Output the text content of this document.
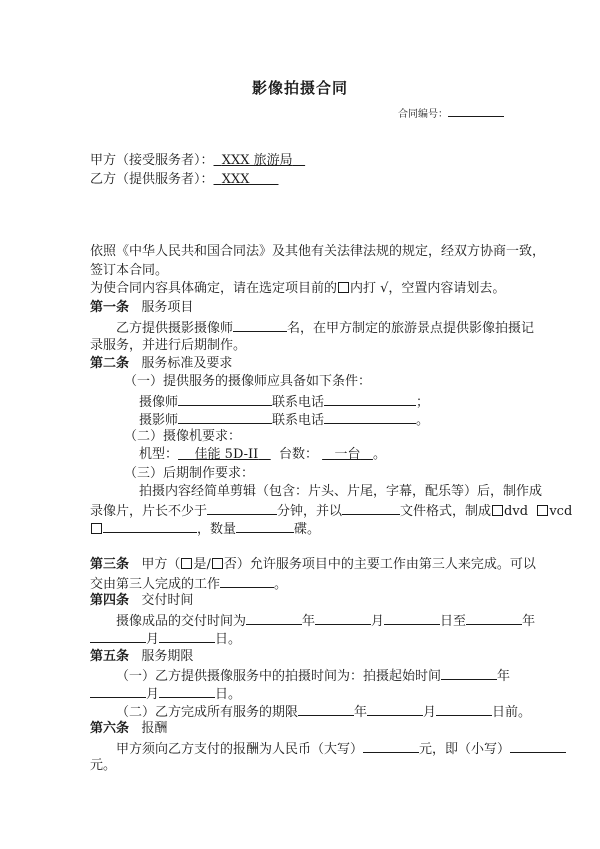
影像拍摄合同
合同编号：
甲方（接受服务者）： XXX 旅游局
乙方（提供服务者）： XXX
依照《中华人民共和国合同法》及其他有关法律法规的规定，经双方协商一致，
签订本合同。
为使合同内容具体确定，请在选定项目前的 内打 √，空置内容请划去。
第一条 服务项目
乙方提供摄影摄像师	名，在甲方制定的旅游景点提供影像拍摄记
录服务，并进行后期制作。
第二条 服务标准及要求
（一）提供服务的摄像师应具备如下条件：
摄像师	联系电话	；
摄影师	联系电话	。
（二）摄像机要求：
机型： 佳能 5D-II 台数： 一台 。
（三）后期制作要求：
拍摄内容经简单剪辑（包含：片头、片尾，字幕，配乐等）后，制作成
录像片，片长不少于	分钟，并以	文件格式，制成 dvd vcd
，数量	碟。
第三条 甲方（ 是/ 否）允许服务项目中的主要工作由第三人来完成。可以
交由第三人完成的工作	。
第四条 交付时间
摄像成品的交付时间为	年	月	日至	年
月	日。
第五条 服务期限
（一）乙方提供摄像服务中的拍摄时间为：拍摄起始时间	年
月	日。
（二）乙方完成所有服务的期限	年	月	日前。
第六条 报酬
甲方须向乙方支付的报酬为人民币（大写）	元，即（小写）
元。
